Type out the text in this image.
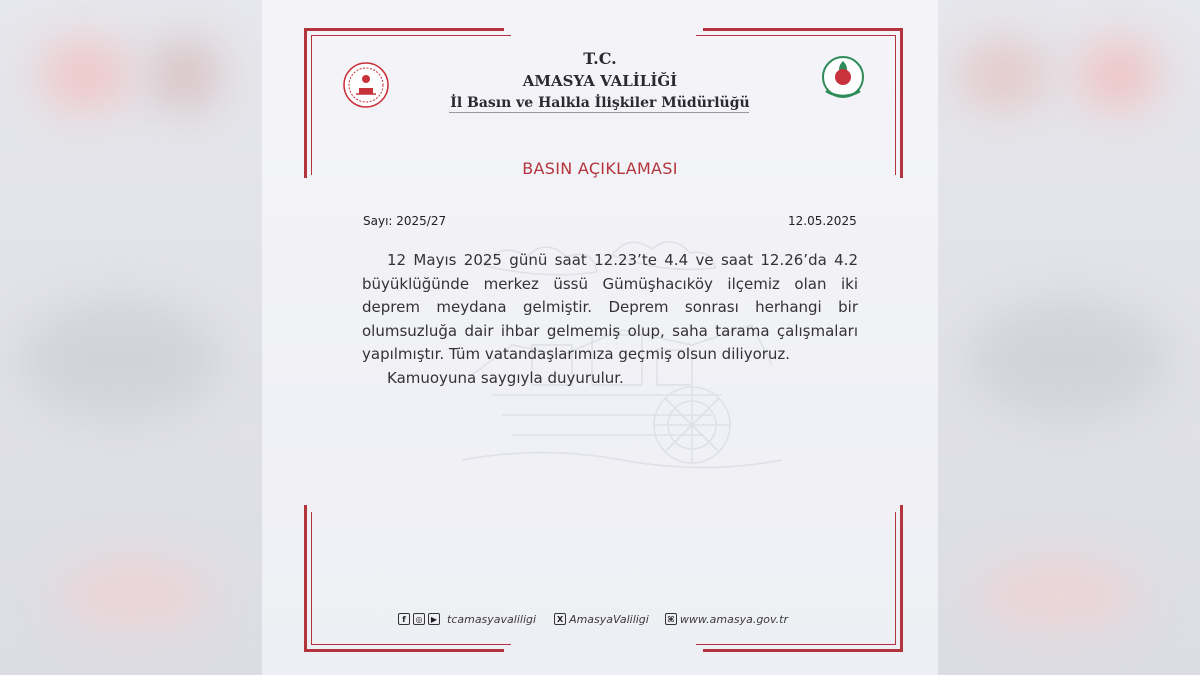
T.C.
AMASYA VALİLİĞİ
İl Basın ve Halkla İlişkiler Müdürlüğü
BASIN AÇIKLAMASI
Sayı: 2025/27	12.05.2025

12 Mayıs 2025 günü saat 12.23’te 4.4 ve saat 12.26’da 4.2 büyüklüğünde merkez üssü Gümüşhacıköy ilçemiz olan iki deprem meydana gelmiştir. Deprem sonrası herhangi bir olumsuzluğa dair ihbar gelmemiş olup, saha tarama çalışmaları yapılmıştır. Tüm vatandaşlarımıza geçmiş olsun diliyoruz.

Kamuoyuna saygıyla duyurulur.

f	◎	▶ tcamasyavaliligi	X AmasyaValiligi ⌘ www.amasya.gov.tr
